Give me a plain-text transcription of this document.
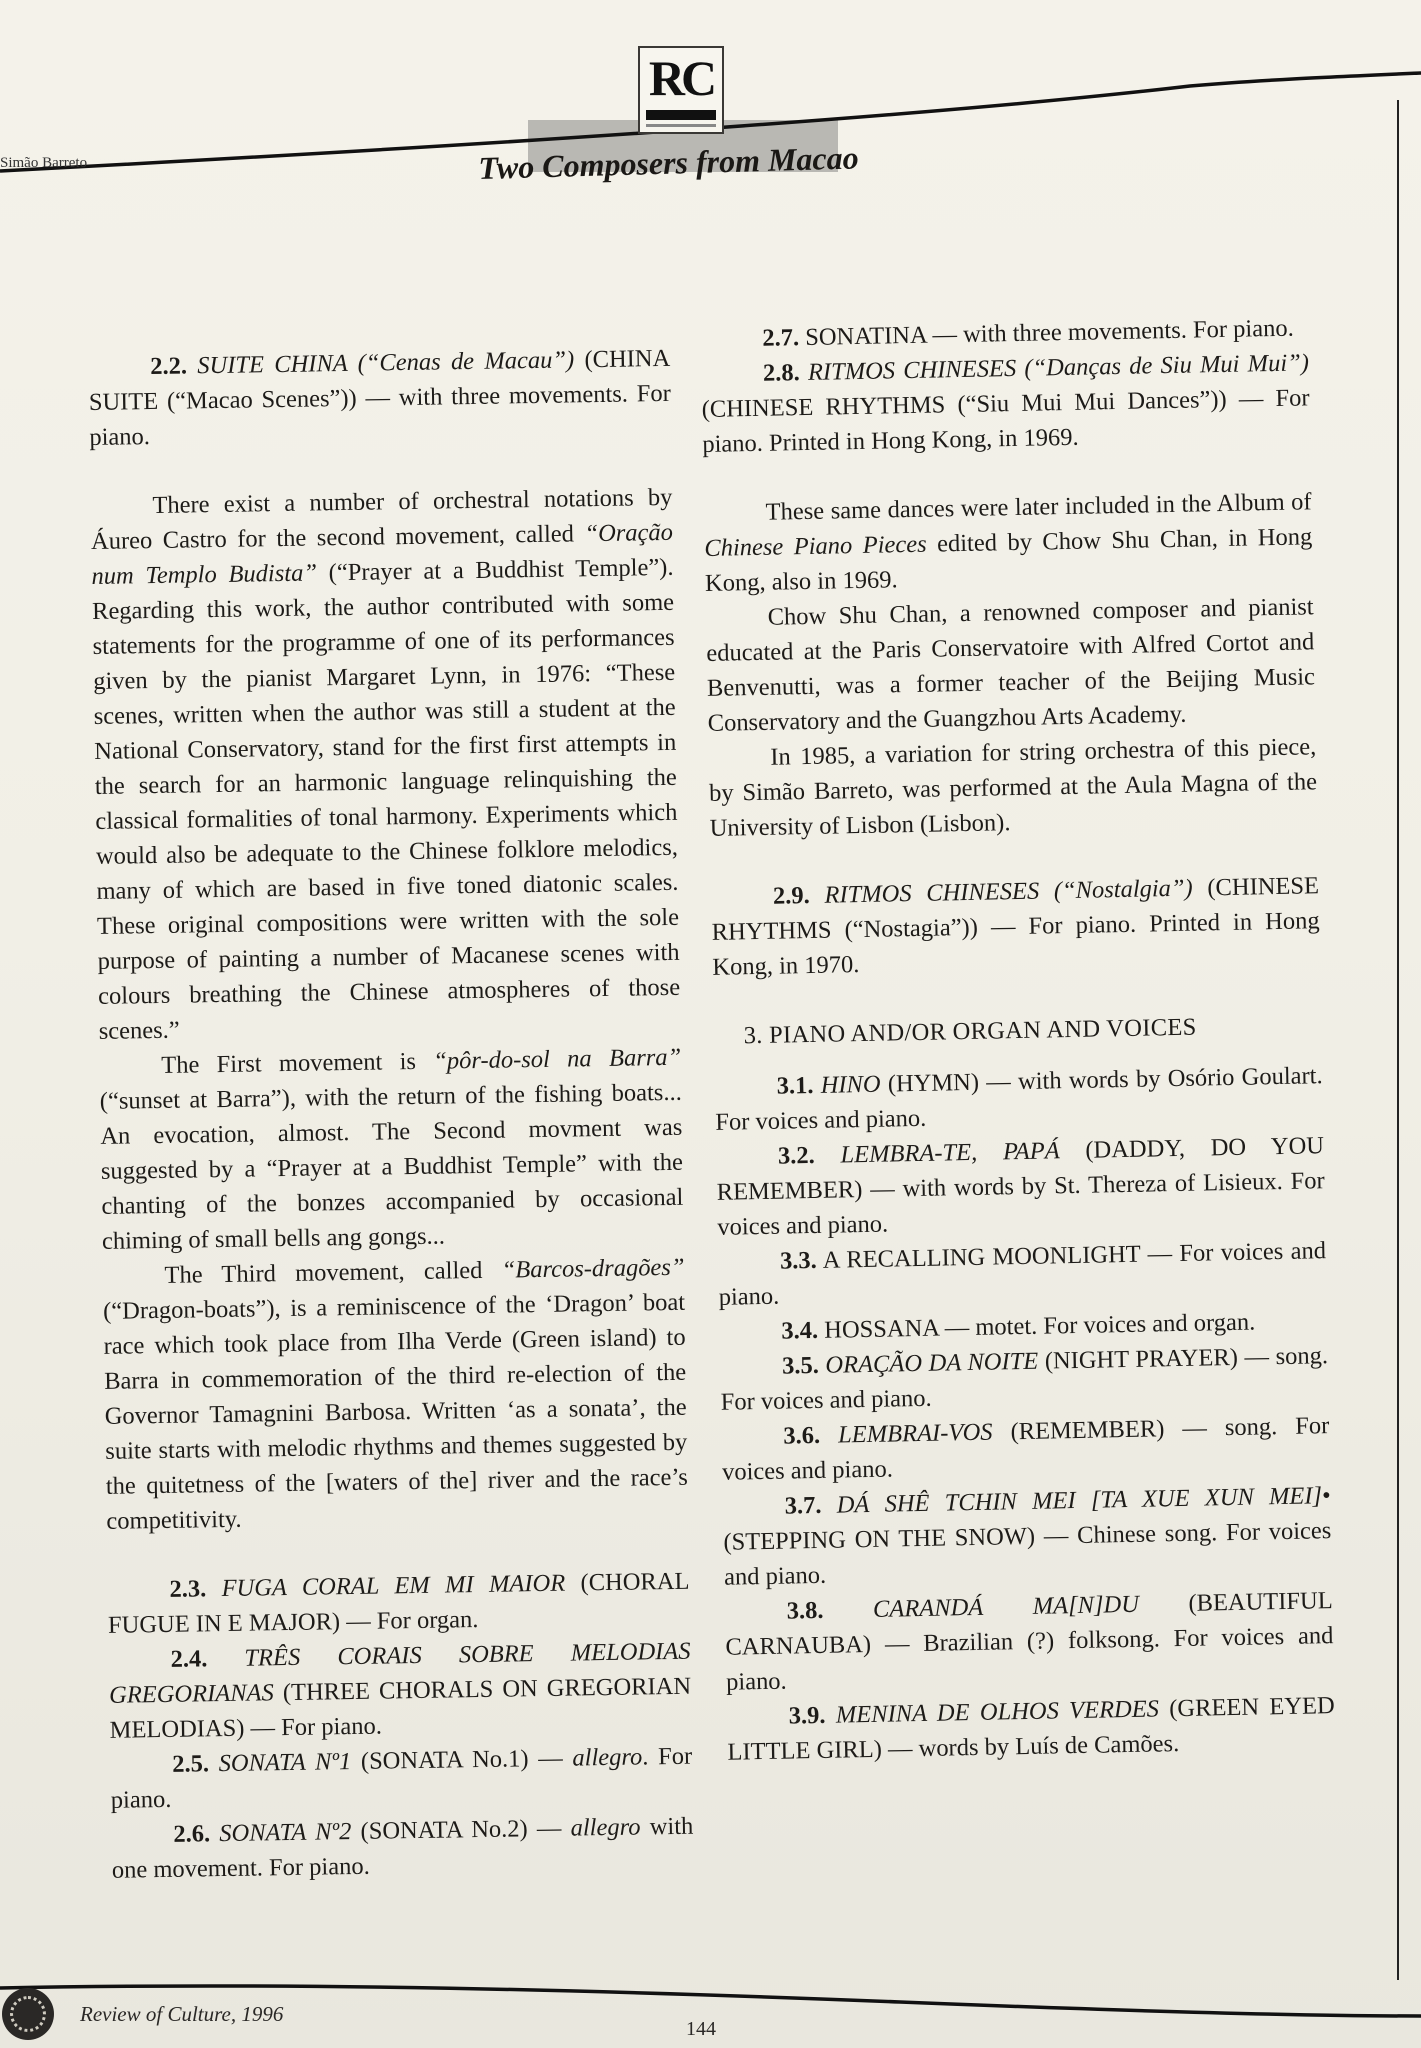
RC
Simão Barreto	Two Composers from Macao

2.2. SUITE CHINA (“Cenas de Macau”) (CHINA SUITE (“Macao Scenes”)) — with three movements. For piano.

There exist a number of orchestral notations by Áureo Castro for the second movement, called “Oração num Templo Budista” (“Prayer at a Buddhist Temple”). Regarding this work, the author contributed with some statements for the programme of one of its performances given by the pianist Margaret Lynn, in 1976: “These scenes, written when the author was still a student at the National Conservatory, stand for the first first attempts in the search for an harmonic language relinquishing the classical formalities of tonal harmony. Experiments which would also be adequate to the Chinese folklore melodics, many of which are based in five toned diatonic scales. These original compositions were written with the sole purpose of painting a number of Macanese scenes with colours breathing the Chinese atmospheres of those scenes.”

The First movement is “pôr-do-sol na Barra” (“sunset at Barra”), with the return of the fishing boats... An evocation, almost. The Second movment was suggested by a “Prayer at a Buddhist Temple” with the chanting of the bonzes accompanied by occasional chiming of small bells ang gongs...

The Third movement, called “Barcos-dragões” (“Dragon-boats”), is a reminiscence of the ‘Dragon’ boat race which took place from Ilha Verde (Green island) to Barra in commemoration of the third re-election of the Governor Tamagnini Barbosa. Written ‘as a sonata’, the suite starts with melodic rhythms and themes suggested by the quitetness of the [waters of the] river and the race’s competitivity.

2.3. FUGA CORAL EM MI MAIOR (CHORAL FUGUE IN E MAJOR) — For organ.

2.4. TRÊS CORAIS SOBRE MELODIAS GREGORIANAS (THREE CHORALS ON GREGORIAN MELODIAS) — For piano.

2.5. SONATA Nº1 (SONATA No.1) — allegro. For piano.

2.6. SONATA Nº2 (SONATA No.2) — allegro with one movement. For piano.

2.7. SONATINA — with three movements. For piano.

2.8. RITMOS CHINESES (“Danças de Siu Mui Mui”) (CHINESE RHYTHMS (“Siu Mui Mui Dances”)) — For piano. Printed in Hong Kong, in 1969.

These same dances were later included in the Album of Chinese Piano Pieces edited by Chow Shu Chan, in Hong Kong, also in 1969.

Chow Shu Chan, a renowned composer and pianist educated at the Paris Conservatoire with Alfred Cortot and Benvenutti, was a former teacher of the Beijing Music Conservatory and the Guangzhou Arts Academy.

In 1985, a variation for string orchestra of this piece, by Simão Barreto, was performed at the Aula Magna of the University of Lisbon (Lisbon).

2.9. RITMOS CHINESES (“Nostalgia”) (CHINESE RHYTHMS (“Nostagia”)) — For piano. Printed in Hong Kong, in 1970.

3. PIANO AND/OR ORGAN AND VOICES

3.1. HINO (HYMN) — with words by Osório Goulart. For voices and piano.

3.2. LEMBRA-TE, PAPÁ (DADDY, DO YOU REMEMBER) — with words by St. Thereza of Lisieux. For voices and piano.

3.3. A RECALLING MOONLIGHT — For voices and piano.

3.4. HOSSANA — motet. For voices and organ.

3.5. ORAÇÃO DA NOITE (NIGHT PRAYER) — song. For voices and piano.

3.6. LEMBRAI-VOS (REMEMBER) — song. For voices and piano.

3.7. DÁ SHÊ TCHIN MEI [TA XUE XUN MEI]• (STEPPING ON THE SNOW) — Chinese song. For voices and piano.

3.8. CARANDÁ MA[N]DU (BEAUTIFUL CARNAUBA) — Brazilian (?) folksong. For voices and piano.

3.9. MENINA DE OLHOS VERDES (GREEN EYED LITTLE GIRL) — words by Luís de Camões.

Review of Culture, 1996
144
